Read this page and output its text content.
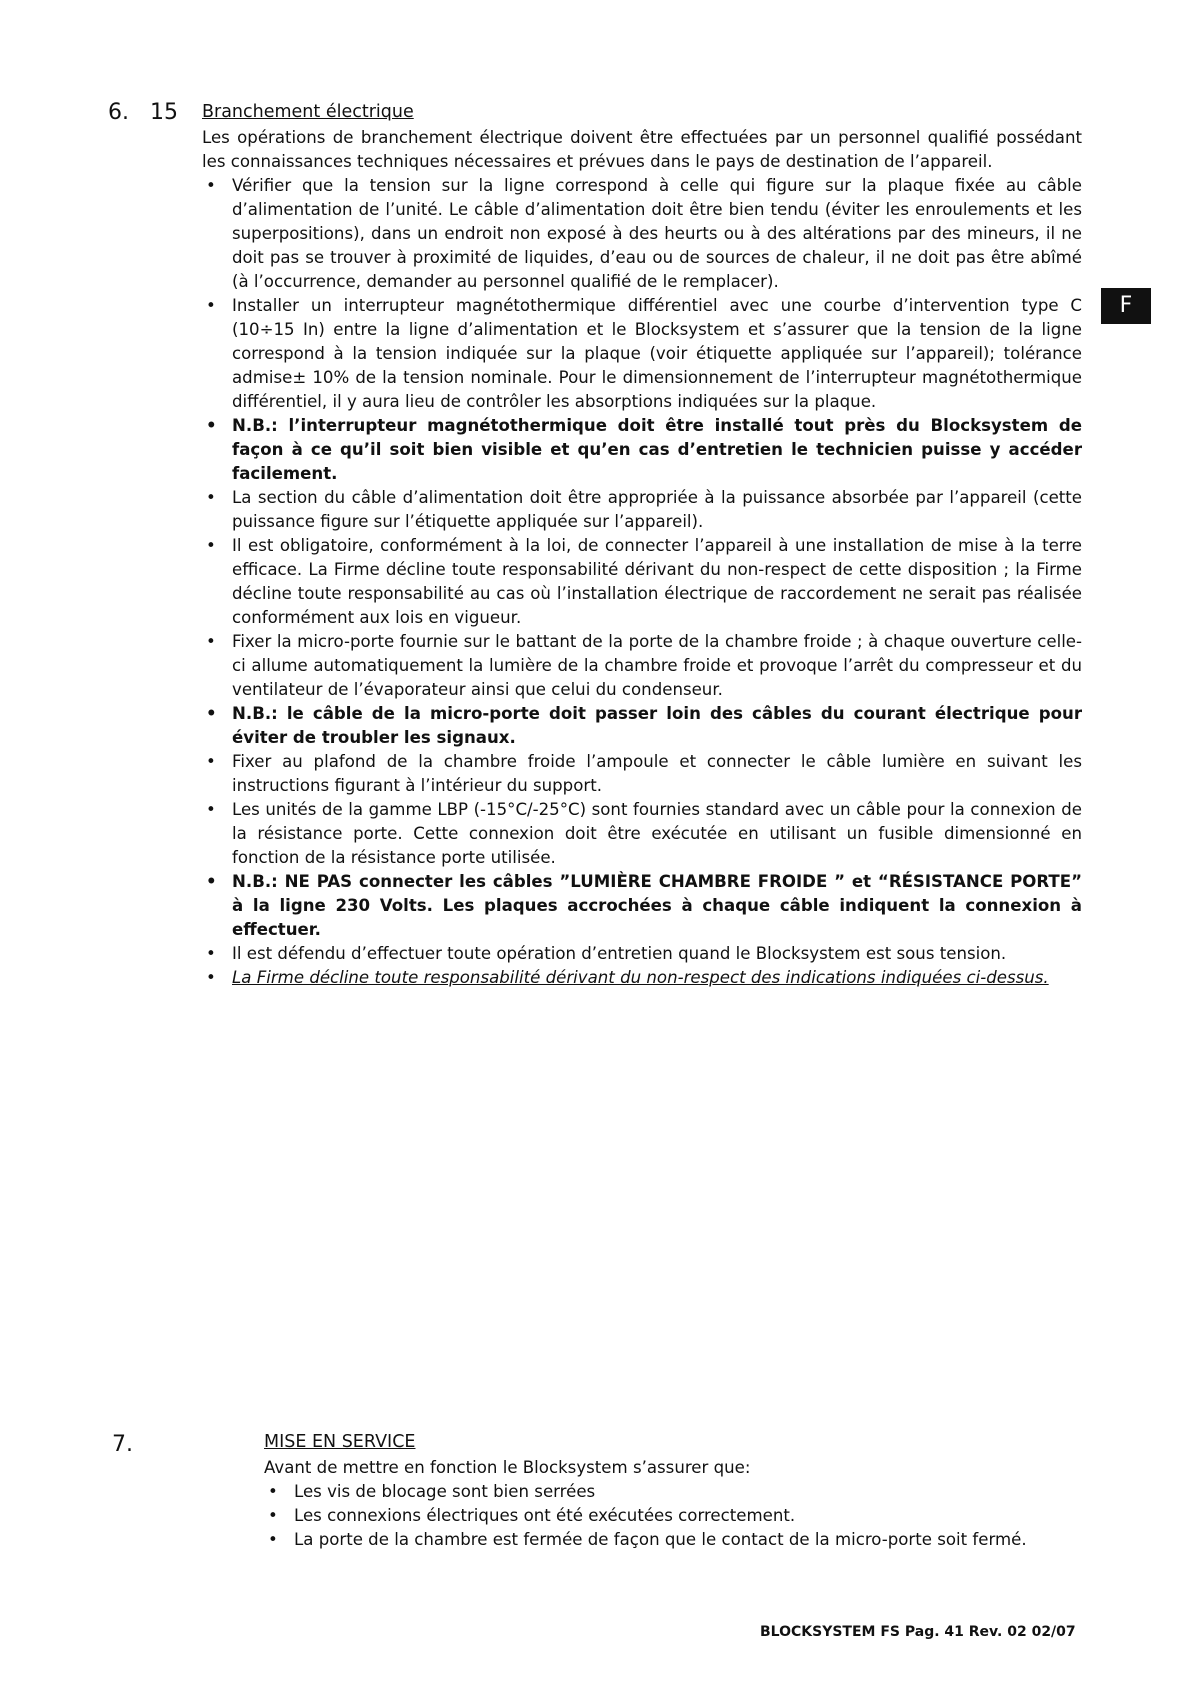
6. 15 Branchement électrique

Les opérations de branchement électrique doivent être effectuées par un personnel qualifié possédant les connaissances techniques nécessaires et prévues dans le pays de destination de l’appareil.

• Vérifier que la tension sur la ligne correspond à celle qui figure sur la plaque fixée au câble d’alimentation de l’unité. Le câble d’alimentation doit être bien tendu (éviter les enroulements et les superpositions), dans un endroit non exposé à des heurts ou à des altérations par des mineurs, il ne doit pas se trouver à proximité de liquides, d’eau ou de sources de chaleur, il ne doit pas être abîmé (à l’occurrence, demander au personnel qualifié de le remplacer).
• Installer un interrupteur magnétothermique différentiel avec une courbe d’intervention type C (10÷15 In) entre la ligne d’alimentation et le Blocksystem et s’assurer que la tension de la ligne correspond à la tension indiquée sur la plaque (voir étiquette appliquée sur l’appareil); tolérance admise± 10% de la tension nominale. Pour le dimensionnement de l’interrupteur magnétothermique différentiel, il y aura lieu de contrôler les absorptions indiquées sur la plaque.
• N.B.: l’interrupteur magnétothermique doit être installé tout près du Blocksystem de façon à ce qu’il soit bien visible et qu’en cas d’entretien le technicien puisse y accéder facilement.
• La section du câble d’alimentation doit être appropriée à la puissance absorbée par l’appareil (cette puissance figure sur l’étiquette appliquée sur l’appareil).
• Il est obligatoire, conformément à la loi, de connecter l’appareil à une installation de mise à la terre efficace. La Firme décline toute responsabilité dérivant du non-respect de cette disposition ; la Firme décline toute responsabilité au cas où l’installation électrique de raccordement ne serait pas réalisée conformément aux lois en vigueur.
• Fixer la micro-porte fournie sur le battant de la porte de la chambre froide ; à chaque ouverture celle-ci allume automatiquement la lumière de la chambre froide et provoque l’arrêt du compresseur et du ventilateur de l’évaporateur ainsi que celui du condenseur.
• N.B.: le câble de la micro-porte doit passer loin des câbles du courant électrique pour éviter de troubler les signaux.
• Fixer au plafond de la chambre froide l’ampoule et connecter le câble lumière en suivant les instructions figurant à l’intérieur du support.
• Les unités de la gamme LBP (-15°C/-25°C) sont fournies standard avec un câble pour la connexion de la résistance porte. Cette connexion doit être exécutée en utilisant un fusible dimensionné en fonction de la résistance porte utilisée.
• N.B.: NE PAS connecter les câbles ”LUMIÈRE CHAMBRE FROIDE ” et “RÉSISTANCE PORTE” à la ligne 230 Volts. Les plaques accrochées à chaque câble indiquent la connexion à effectuer.
• Il est défendu d’effectuer toute opération d’entretien quand le Blocksystem est sous tension.
• La Firme décline toute responsabilité dérivant du non-respect des indications indiquées ci-dessus.
F
7.	MISE EN SERVICE

Avant de mettre en fonction le Blocksystem s’assurer que:

• Les vis de blocage sont bien serrées
• Les connexions électriques ont été exécutées correctement.
• La porte de la chambre est fermée de façon que le contact de la micro-porte soit fermé.
BLOCKSYSTEM FS Pag. 41 Rev. 02 02/07
